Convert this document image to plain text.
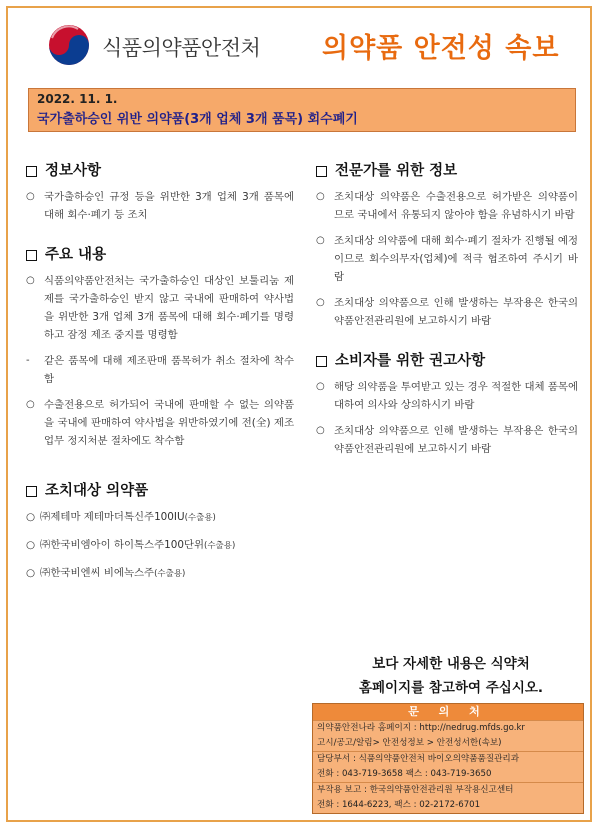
식품의약품안전처 의약품 안전성 속보
2022. 11. 1.
국가출하승인 위반 의약품(3개 업체 3개 품목) 회수폐기
정보사항
○ 국가출하승인 규정 등을 위반한 3개 업체 3개 품목에 대해 회수·폐기 등 조치
주요 내용
○ 식품의약품안전처는 국가출하승인 대상인 보툴리눔 제제를 국가출하승인 받지 않고 국내에 판매하여 약사법을 위반한 3개 업체 3개 품목에 대해 회수·폐기를 명령하고 잠정 제조 중지를 명령함
-	같은 품목에 대해 제조판매 품목허가 취소 절차에 착수함
○ 수출전용으로 허가되어 국내에 판매할 수 없는 의약품을 국내에 판매하여 약사법을 위반하였기에 전(全) 제조업무 정지처분 절차에도 착수함
조치대상 의약품
○ ㈜제테마 제테마더톡신주100IU (수출용)
○ ㈜한국비엠아이 하이톡스주100단위 (수출용)
○ ㈜한국비엔씨 비에녹스주 (수출용)
전문가를 위한 정보
○ 조치대상 의약품은 수출전용으로 허가받은 의약품이므로 국내에서 유통되지 않아야 함을 유념하시기 바람
○ 조치대상 의약품에 대해 회수·폐기 절차가 진행될 예정이므로 회수의무자(업체)에 적극 협조하여 주시기 바람
○ 조치대상 의약품으로 인해 발생하는 부작용은 한국의약품안전관리원에 보고하시기 바람
소비자를 위한 권고사항
○ 해당 의약품을 투여받고 있는 경우 적절한 대체 품목에 대하여 의사와 상의하시기 바람
○ 조치대상 의약품으로 인해 발생하는 부작용은 한국의약품안전관리원에 보고하시기 바람
보다 자세한 내용은 식약처
홈페이지를 참고하여 주십시오.
문 의 처
의약품안전나라 홈페이지 : http://nedrug.mfds.go.kr
고시/공고/알림> 안전성정보 > 안전성서한(속보)
담당부서 : 식품의약품안전처 바이오의약품품질관리과
전화 : 043-719-3658 팩스 : 043-719-3650
부작용 보고 : 한국의약품안전관리원 부작용신고센터
전화 : 1644-6223, 팩스 : 02-2172-6701
